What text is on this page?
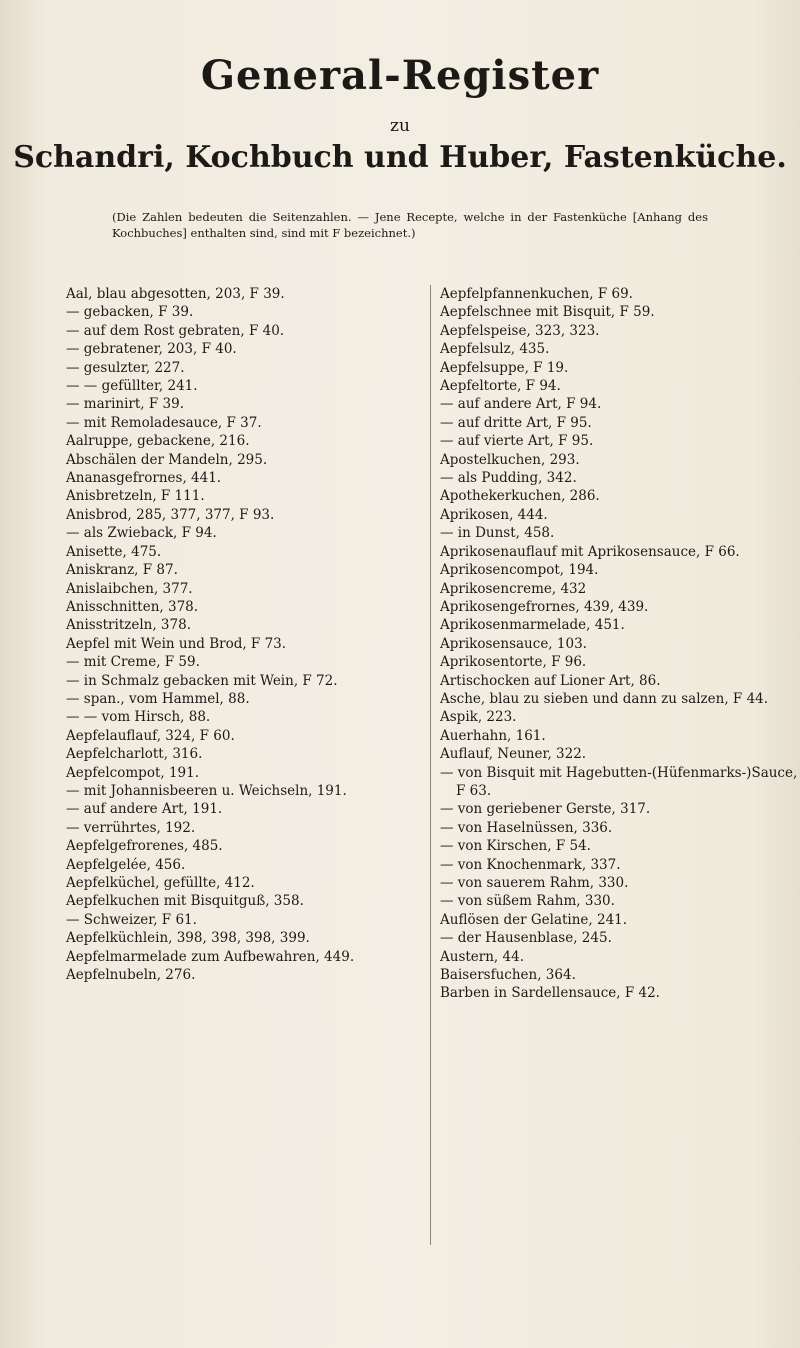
General-Register
zu
Schandri, Kochbuch und Huber, Fastenküche.
(Die Zahlen bedeuten die Seitenzahlen. — Jene Recepte, welche in der Fastenküche [Anhang des Kochbuches] enthalten sind, sind mit F bezeichnet.)
Aal, blau abgesotten, 203, F 39.
— gebacken, F 39.
— auf dem Rost gebraten, F 40.
— gebratener, 203, F 40.
— gesulzter, 227.
— — gefüllter, 241.
— marinirt, F 39.
— mit Remoladesauce, F 37.
Aalruppe, gebackene, 216.
Abschälen der Mandeln, 295.
Ananasgefrornes, 441.
Anisbretzeln, F 111.
Anisbrod, 285, 377, 377, F 93.
— als Zwieback, F 94.
Anisette, 475.
Aniskranz, F 87.
Anislaibchen, 377.
Anisschnitten, 378.
Anisstritzeln, 378.
Aepfel mit Wein und Brod, F 73.
— mit Creme, F 59.
— in Schmalz gebacken mit Wein, F 72.
— span., vom Hammel, 88.
— — vom Hirsch, 88.
Aepfelauflauf, 324, F 60.
Aepfelcharlott, 316.
Aepfelcompot, 191.
— mit Johannisbeeren u. Weichseln, 191.
— auf andere Art, 191.
— verrührtes, 192.
Aepfelgefrorenes, 485.
Aepfelgelée, 456.
Aepfelküchel, gefüllte, 412.
Aepfelkuchen mit Bisquitguß, 358.
— Schweizer, F 61.
Aepfelküchlein, 398, 398, 398, 399.
Aepfelmarmelade zum Aufbewahren, 449.
Aepfelnubeln, 276.
Aepfelpfannenkuchen, F 69.
Aepfelschnee mit Bisquit, F 59.
Aepfelspeise, 323, 323.
Aepfelsulz, 435.
Aepfelsuppe, F 19.
Aepfeltorte, F 94.
— auf andere Art, F 94.
— auf dritte Art, F 95.
— auf vierte Art, F 95.
Apostelkuchen, 293.
— als Pudding, 342.
Apothekerkuchen, 286.
Aprikosen, 444.
— in Dunst, 458.
Aprikosenauflauf mit Aprikosensauce, F 66.
Aprikosencompot, 194.
Aprikosencreme, 432
Aprikosengefrornes, 439, 439.
Aprikosenmarmelade, 451.
Aprikosensauce, 103.
Aprikosentorte, F 96.
Artischocken auf Lioner Art, 86.
Asche, blau zu sieben und dann zu salzen, F 44.
Aspik, 223.
Auerhahn, 161.
Auflauf, Neuner, 322.
— von Bisquit mit Hagebutten-(Hüfenmarks-)Sauce, F 63.
— von geriebener Gerste, 317.
— von Haselnüssen, 336.
— von Kirschen, F 54.
— von Knochenmark, 337.
— von sauerem Rahm, 330.
— von süßem Rahm, 330.
Auflösen der Gelatine, 241.
— der Hausenblase, 245.
Austern, 44.
Baisersfuchen, 364.
Barben in Sardellensauce, F 42.
